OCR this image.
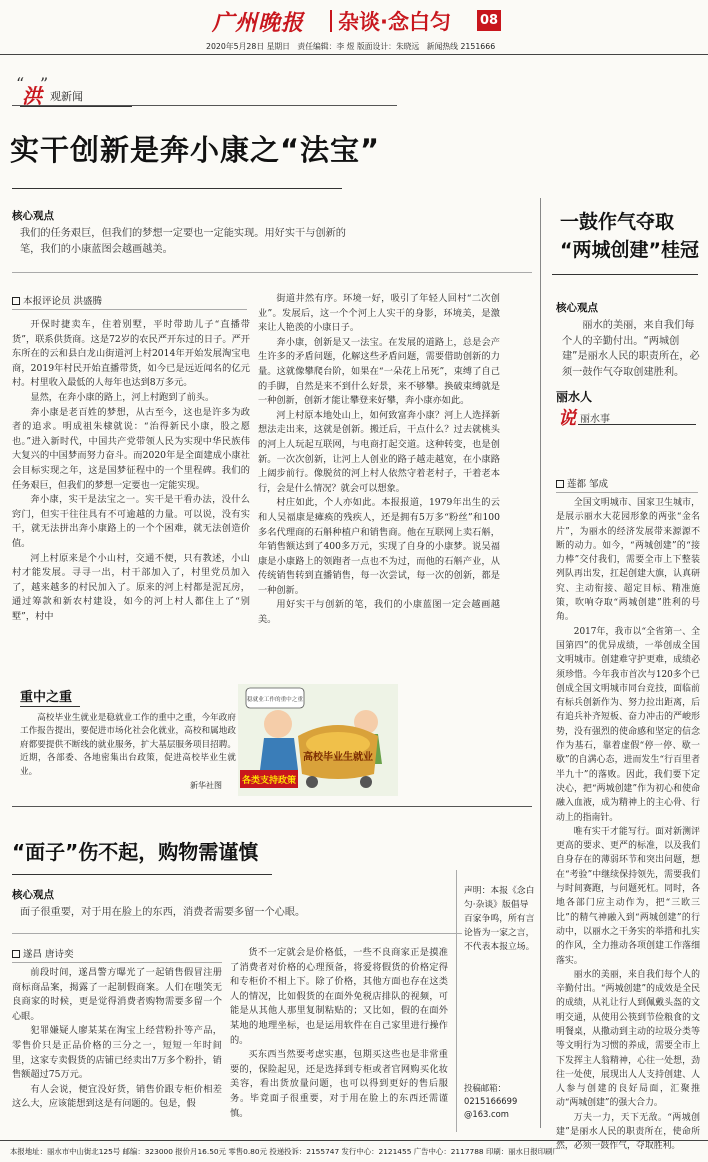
广州晚报 杂谈·念白匀 08
2020年5月28日 星期日 责任编辑：李 煜 版面设计：朱晓远 新闻热线 2151666
“
洪
”
观新闻
实干创新是奔小康之“法宝”
核心观点
我们的任务艰巨，但我们的梦想一定要也一定能实现。用好实干与创新的笔，我们的小康蓝图会越画越美。
本报评论员 洪盛腾

开保时捷卖车，住着别墅，平时带助儿子“直播带货”，联系供货商。这是72岁的农民严开东过的日子。严开东所在的云和县白龙山街道河上村2014年开始发展淘宝电商，2019年村民开始直播带货，如今已是远近闻名的亿元村。村里收入最低的人每年也达到8万多元。

显然，在奔小康的路上，河上村跑到了前头。

奔小康是老百姓的梦想，从古至今，这也是许多为政者的追求。明成祖朱棣就说：“治得新民小康，股之愿也。”进入新时代，中国共产党带领人民为实现中华民族伟大复兴的中国梦而努力奋斗。而2020年是全面建成小康社会目标实现之年，这是国梦征程中的一个里程碑。我们的任务艰巨，但我们的梦想一定要也一定能实现。

奔小康，实干是法宝之一。实干是干看办法，没什么窍门，但实干往往具有不可逾越的力量。可以说，没有实干，就无法拼出奔小康路上的一个个困难，就无法创造价值。

河上村原来是个小山村，交通不便，只有教述，小山村才能发展。寻寻一出，村干部加入了，村里党员加入了，越来越多的村民加入了。原来的河上村都是泥瓦房，通过筹款和新农村建设，如今的河上村人都住上了“别墅”，村中

街道井然有序。环境一好，吸引了年轻人回村“二次创业”。发展后，这一个个河上人实干的身影，环境美，是激来让人艳羡的小康日子。

奔小康，创新是又一法宝。在发展的道路上，总是会产生许多的矛盾问题，化解这些矛盾问题，需要借助创新的力量。这就像攀爬台阶，如果在“一朵花上吊死”，束缚了自己的手脚，自然是来不到什么好景，来不够攀。换破束缚就是一种创新，创新才能让攀登来好攀，奔小康亦如此。

河上村原本地处山上，如何致富奔小康？河上人选择新想法走出来，这就是创新。搬迁后，干点什么？过去就桃头的河上人玩起互联网，与电商打起交道。这种转变，也是创新。一次次创新，让河上人创业的路子越走越宽，在小康路上阔步前行。像脱贫的河上村人依然守着老村子，干着老本行，会是什么情况？就会可以想象。

村庄如此，个人亦如此。本报报道，1979年出生的云和人吴福康是瘫痪的残疾人，还是拥有5万多“粉丝”和100多名代理商的石斛种植户和销售商。他在互联网上卖石斛，年销售额达到了400多万元，实现了自身的小康梦。说吴福康是小康路上的领跑者一点也不为过，而他的石斛产业，从传统销售转到直播销售，每一次尝试，每一次的创新，都是一种创新。

用好实干与创新的笔，我们的小康蓝图一定会越画越美。

重中之重
高校毕业生就业是稳就业工作的重中之重，今年政府工作报告提出，要促进市场化社会化就业，高校和属地政府都要提供不断线的就业服务，扩大基层服务项目招聘。近期，各部委、各地密集出台政策，促进高校毕业生就业。
新华社图
稳就业工作的重中之重
高校毕业生就业
各类支持政策
“面子”伤不起，购物需谨慎
核心观点
面子很重要，对于用在脸上的东西，消费者需要多留一个心眼。
遂昌 唐诗奕

前段时间，遂昌警方曝光了一起销售假冒注册商标商品案，揭露了一起制假商案。人们在嗤笑无良商家的时候，更是觉得消费者购物需要多留一个心眼。

犯罪嫌疑人廖某某在淘宝上经营粉扑等产品，零售价只是正品价格的三分之一，短短一年时间里，这家专卖假货的店铺已经卖出7万多个粉扑，销售额超过75万元。

有人会说，便宜没好货，销售价跟专柜价相差这么大，应该能想到这是有问题的。包是，假

货不一定就会是价格低，一些不良商家正是摸准了消费者对价格的心理预备，将爱将假货的价格定得和专柜价不相上下。除了价格，其他方面也存在这类人的情况，比如假货的在面外免税店排队的视频，可能是从其他人那里复制粘贴的；又比如，假的在面外某地的地理坐标，也是运用软件在自己家里进行操作的。

买东西当然要考虑实惠，包期买这些也是非常重要的，保险起见，还是选择到专柜或者官网购买化妆美容，看出货放量问题，也可以得到更好的售后服务。毕竟面子很重要，对于用在脸上的东西还需谨慎。

声明：本报《念白匀·杂谈》版倡导百家争鸣，所有言论皆为一家之言，不代表本报立场。
投稿邮箱：
0215166699
@163.com
一鼓作气夺取
“两城创建”桂冠
核心观点
丽水的美丽，来自我们每个人的辛勤付出。“两城创建”是丽水人民的职责所在，必须一鼓作气夺取创建胜利。
丽水人
说 丽水事
莲都 邹成

全国文明城市、国家卫生城市，是展示丽水大花园形象的两张“金名片”，为丽水的经济发展带来源源不断的动力。如今，“两城创建”的“接力棒”交付我们，需要全市上下整装列队再出发，扛起创建大旗，认真研究、主动衔接、超定目标、精准施策，吹响夺取“两城创建”胜利的号角。

2017年，我市以“全省第一、全国第四”的优异成绩，一举创成全国文明城市。创建难守护更难，成绩必须珍惜。今年我市首次与120多个已创成全国文明城市同台竞技，面临前有标兵创新作为、努力拉出距离，后有追兵补齐短板、奋力冲击的严峻形势，没有强烈的使命感和坚定的信念作为基石，靠着虚假“停一停、歇一歇”的自满心态，进而发生“行百里者半九十”的落败。因此，我们要下定决心，把“两城创建”作为初心和使命融入血液，成为精神上的主心骨、行动上的指南针。

唯有实干才能写行。面对新测评更高的要求、更严的标准，以及我们自身存在的薄弱环节和突出问题，想在“考验”中继续保持领先，需要我们与时间赛跑，与问题死杠。同时，各地各部门应主动作为，把“三欧三比”的精气神融入到“两城创建”的行动中，以丽水之干务实的举措和扎实的作风，全力推动各项创建工作落细落实。

丽水的美丽，来自我们每个人的辛勤付出。“两城创建”的成效是全民的成绩，从礼让行人到佩戴头盔的文明交通，从使用公筷到节俭粮食的文明餐桌，从撒动到主动的垃圾分类等等文明行为习惯的养成，需要全市上下发挥主人翁精神，心往一处想，劲往一处使，展现出人人支持创建、人人参与创建的良好局面，汇聚推动“两城创建”的强大合力。

万夫一力，天下无敌。“两城创建”是丽水人民的职责所在，使命所然，必须一鼓作气，夺取胜利。

本报地址：丽水市中山街北125号 邮编：323000 报价月16.50元 零售0.80元 投递投诉：2155747 发行中心：2121455 广告中心：2117788 印刷：丽水日报印刷厂
